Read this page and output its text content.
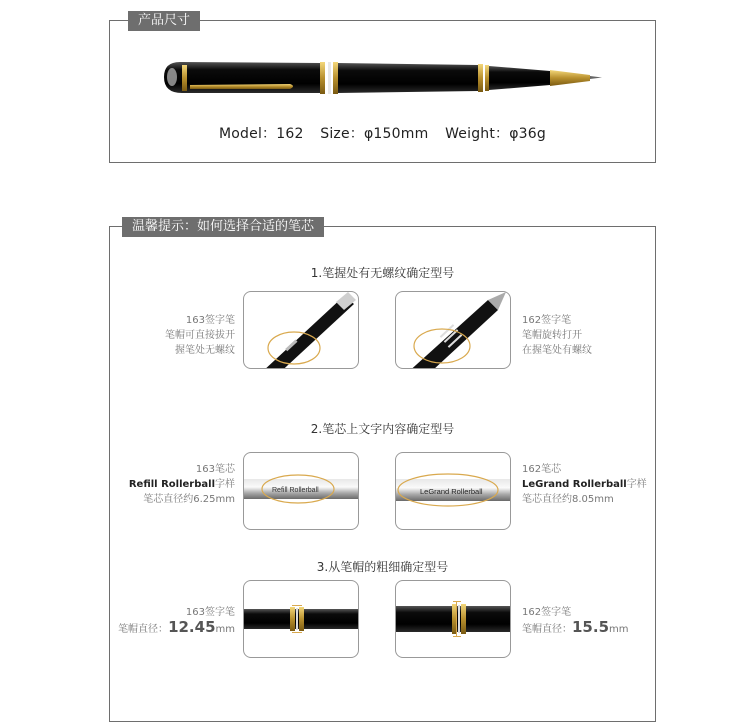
产品尺寸
Model：162 Size：φ150mm Weight：φ36g
温馨提示：如何选择合适的笔芯
1.笔握处有无螺纹确定型号
163签字笔
笔帽可直接拔开
握笔处无螺纹
162签字笔
笔帽旋转打开
在握笔处有螺纹
2.笔芯上文字内容确定型号
163笔芯
Refill Rollerball字样
笔芯直径约6.25mm
Refill Rollerball	LeGrand Rollerball
162笔芯
LeGrand Rollerball字样
笔芯直径约8.05mm
3.从笔帽的粗细确定型号
163签字笔
笔帽直径：12.45mm
162签字笔
笔帽直径：15.5mm
